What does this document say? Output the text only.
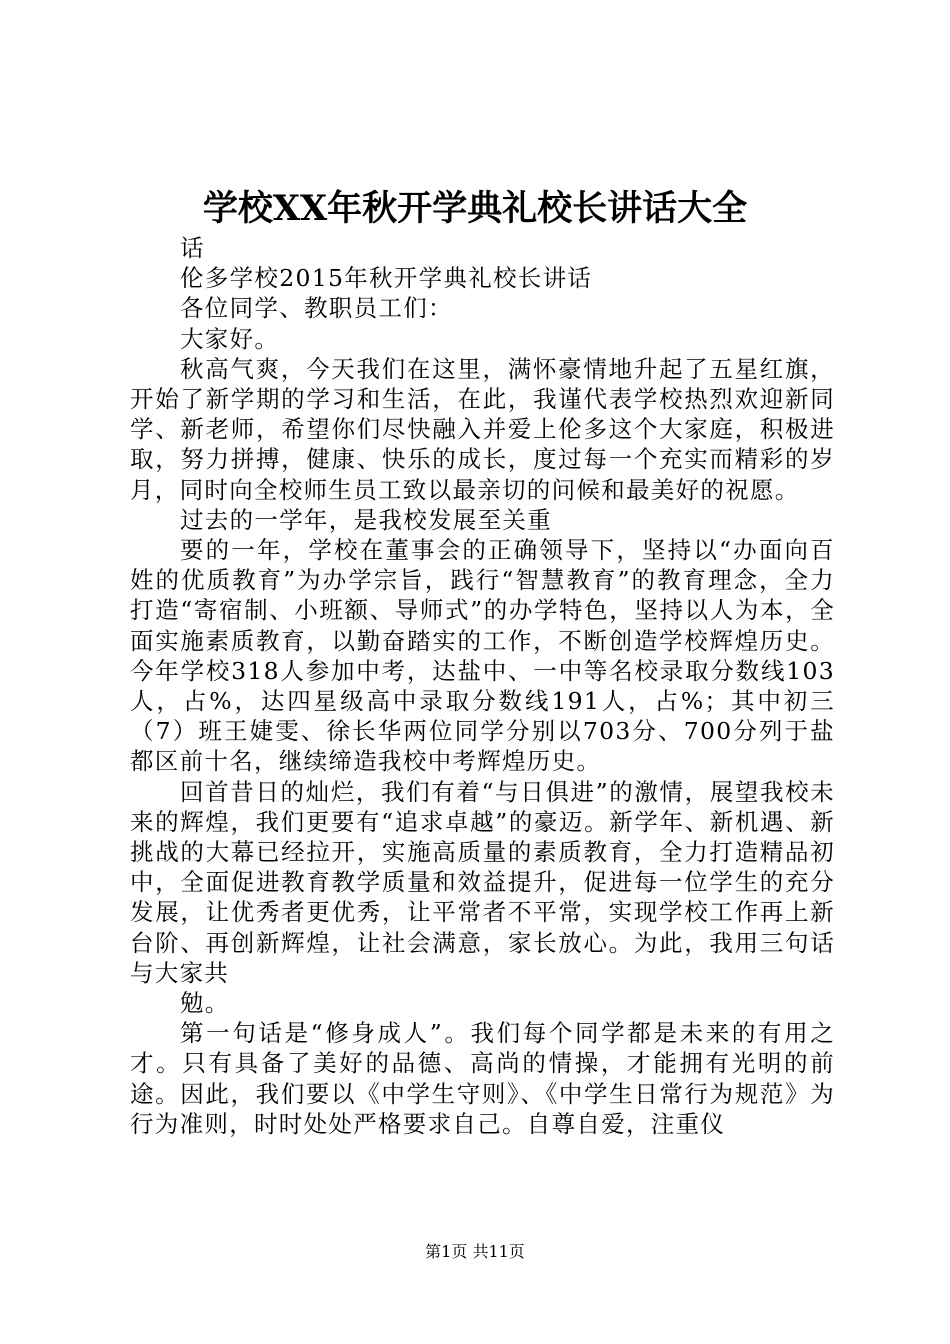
学校XX年秋开学典礼校长讲话大全

话

伦多学校2015年秋开学典礼校长讲话

各位同学、教职员工们：

大家好。

秋高气爽，今天我们在这里，满怀豪情地升起了五星红旗，开始了新学期的学习和生活，在此，我谨代表学校热烈欢迎新同学、新老师，希望你们尽快融入并爱上伦多这个大家庭，积极进取，努力拼搏，健康、快乐的成长，度过每一个充实而精彩的岁月，同时向全校师生员工致以最亲切的问候和最美好的祝愿。

过去的一学年，是我校发展至关重

要的一年，学校在董事会的正确领导下，坚持以“办面向百姓的优质教育”为办学宗旨，践行“智慧教育”的教育理念，全力打造“寄宿制、小班额、导师式”的办学特色，坚持以人为本，全面实施素质教育，以勤奋踏实的工作，不断创造学校辉煌历史。今年学校318人参加中考，达盐中、一中等名校录取分数线103人，占%，达四星级高中录取分数线191人，占%；其中初三（7）班王婕雯、徐长华两位同学分别以703分、700分列于盐都区前十名，继续缔造我校中考辉煌历史。

回首昔日的灿烂，我们有着“与日俱进”的激情，展望我校未来的辉煌，我们更要有“追求卓越”的豪迈。新学年、新机遇、新挑战的大幕已经拉开，实施高质量的素质教育，全力打造精品初中，全面促进教育教学质量和效益提升，促进每一位学生的充分发展，让优秀者更优秀，让平常者不平常，实现学校工作再上新台阶、再创新辉煌，让社会满意，家长放心。为此，我用三句话与大家共

勉。

第一句话是“修身成人”。我们每个同学都是未来的有用之才。只有具备了美好的品德、高尚的情操，才能拥有光明的前途。因此，我们要以《中学生守则》、《中学生日常行为规范》为行为准则，时时处处严格要求自己。自尊自爱，注重仪

第1页 共11页
